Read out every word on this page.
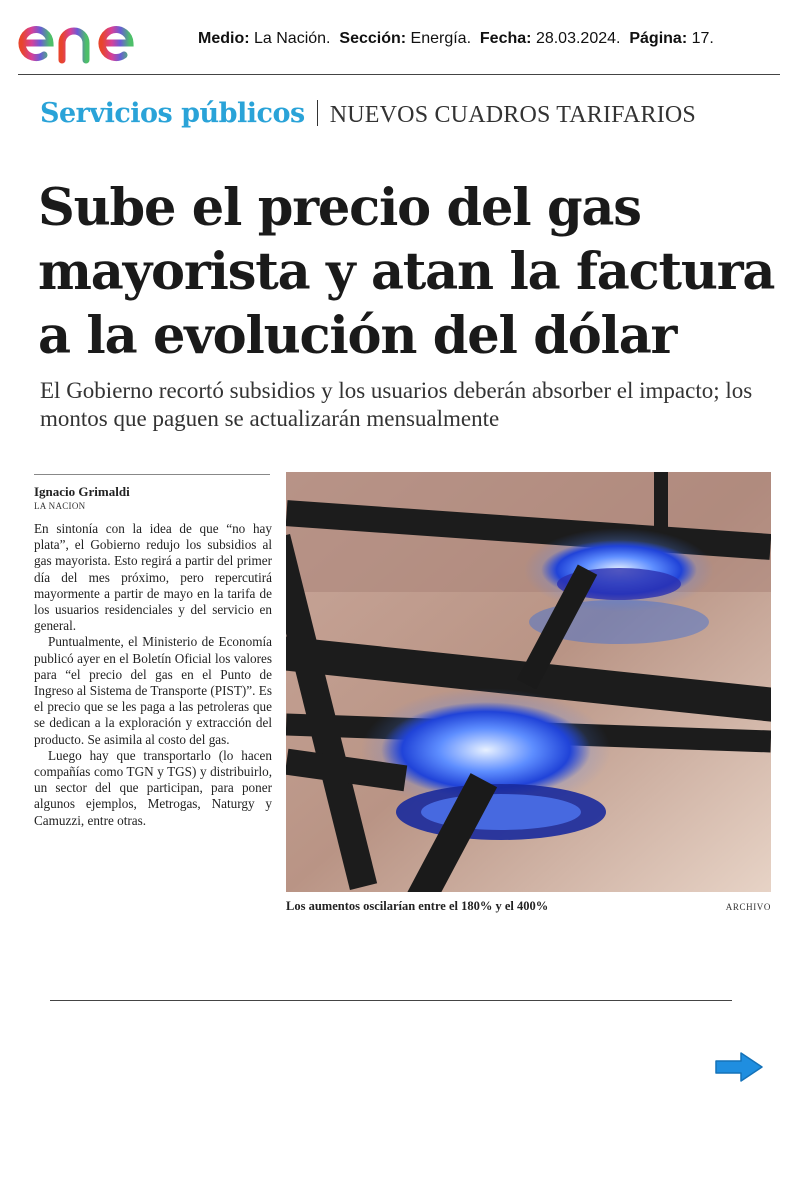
Medio: La Nación. Sección: Energía. Fecha: 28.03.2024. Página: 17.
Servicios públicos NUEVOS CUADROS TARIFARIOS
Sube el precio del gas mayorista y atan la factura a la evolución del dólar

El Gobierno recortó subsidios y los usuarios deberán absorber el impacto; los montos que paguen se actualizarán mensualmente

Ignacio Grimaldi
LA NACION

En sintonía con la idea de que “no hay plata”, el Gobierno redujo los subsidios al gas mayorista. Esto regirá a partir del primer día del mes próximo, pero repercutirá mayormente a partir de mayo en la tarifa de los usuarios residenciales y del servicio en general.

Puntualmente, el Ministerio de Economía publicó ayer en el Boletín Oficial los valores para “el precio del gas en el Punto de Ingreso al Sistema de Transporte (PIST)”. Es el precio que se les paga a las petroleras que se dedican a la exploración y extracción del producto. Se asimila al costo del gas.

Luego hay que transportarlo (lo hacen compañías como TGN y TGS) y distribuirlo, un sector del que participan, para poner algunos ejemplos, Metrogas, Naturgy y Camuzzi, entre otras.

Los aumentos oscilarían entre el 180% y el 400%	ARCHIVO
